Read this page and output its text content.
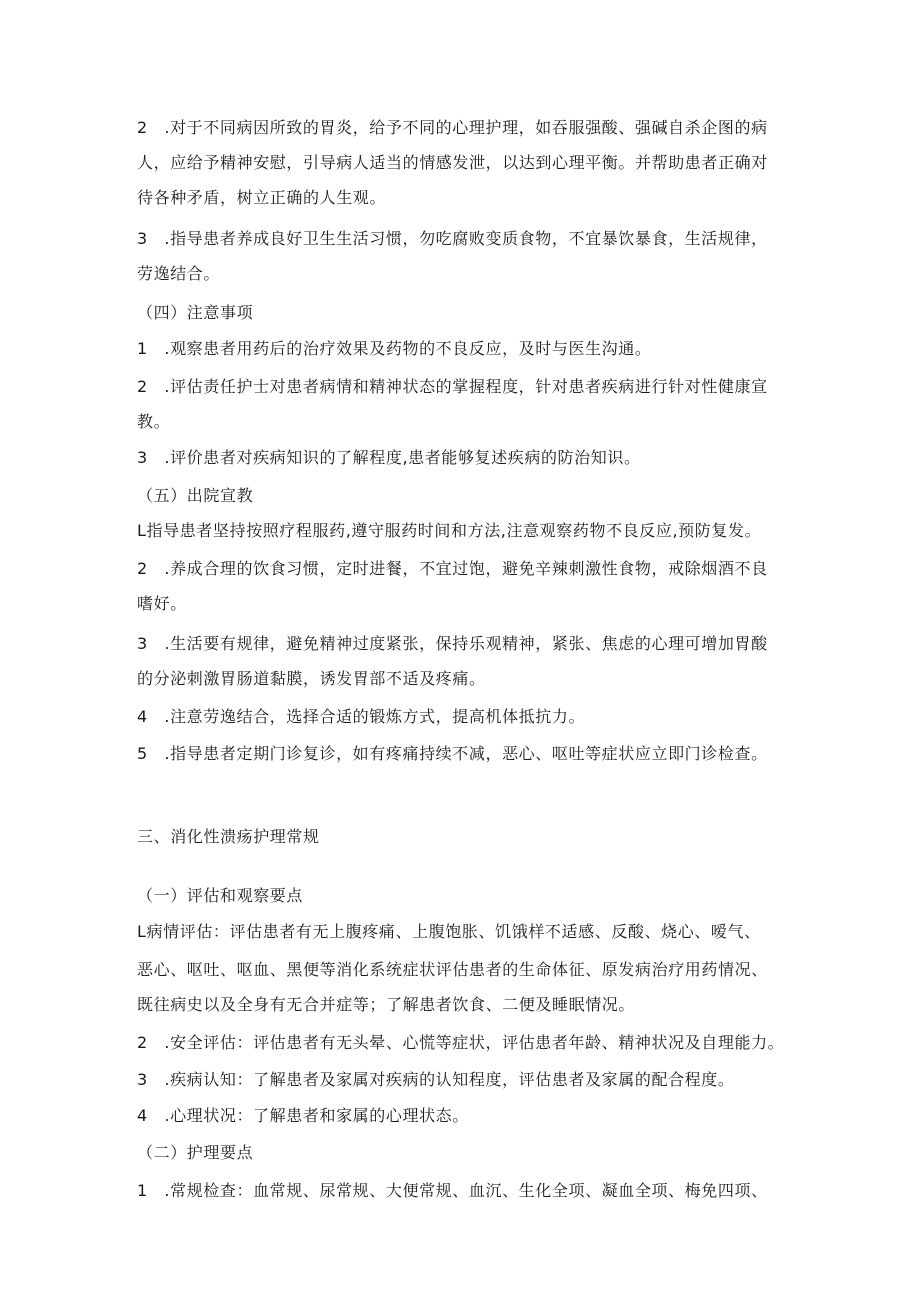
2　.对于不同病因所致的胃炎，给予不同的心理护理，如吞服强酸、强碱自杀企图的病
人，应给予精神安慰，引导病人适当的情感发泄，以达到心理平衡。并帮助患者正确对
待各种矛盾，树立正确的人生观。
3　.指导患者养成良好卫生生活习惯，勿吃腐败变质食物，不宜暴饮暴食，生活规律，
劳逸结合。
（四）注意事项
1　.观察患者用药后的治疗效果及药物的不良反应，及时与医生沟通。
2　.评估责任护士对患者病情和精神状态的掌握程度，针对患者疾病进行针对性健康宣
教。
3　.评价患者对疾病知识的了解程度,患者能够复述疾病的防治知识。
（五）出院宣教
L指导患者坚持按照疗程服药,遵守服药时间和方法,注意观察药物不良反应,预防复发。
2　.养成合理的饮食习惯，定时进餐，不宜过饱，避免辛辣刺激性食物，戒除烟酒不良
嗜好。
3　.生活要有规律，避免精神过度紧张，保持乐观精神，紧张、焦虑的心理可增加胃酸
的分泌刺激胃肠道黏膜，诱发胃部不适及疼痛。
4　.注意劳逸结合，选择合适的锻炼方式，提高机体抵抗力。
5　.指导患者定期门诊复诊，如有疼痛持续不减，恶心、呕吐等症状应立即门诊检查。
三、消化性溃疡护理常规
（一）评估和观察要点
L病情评估：评估患者有无上腹疼痛、上腹饱胀、饥饿样不适感、反酸、烧心、嗳气、
恶心、呕吐、呕血、黑便等消化系统症状评估患者的生命体征、原发病治疗用药情况、
既往病史以及全身有无合并症等；了解患者饮食、二便及睡眠情况。
2　.安全评估：评估患者有无头晕、心慌等症状，评估患者年龄、精神状况及自理能力。
3　.疾病认知：了解患者及家属对疾病的认知程度，评估患者及家属的配合程度。
4　.心理状况：了解患者和家属的心理状态。
（二）护理要点
1　.常规检查：血常规、尿常规、大便常规、血沉、生化全项、凝血全项、梅免四项、
